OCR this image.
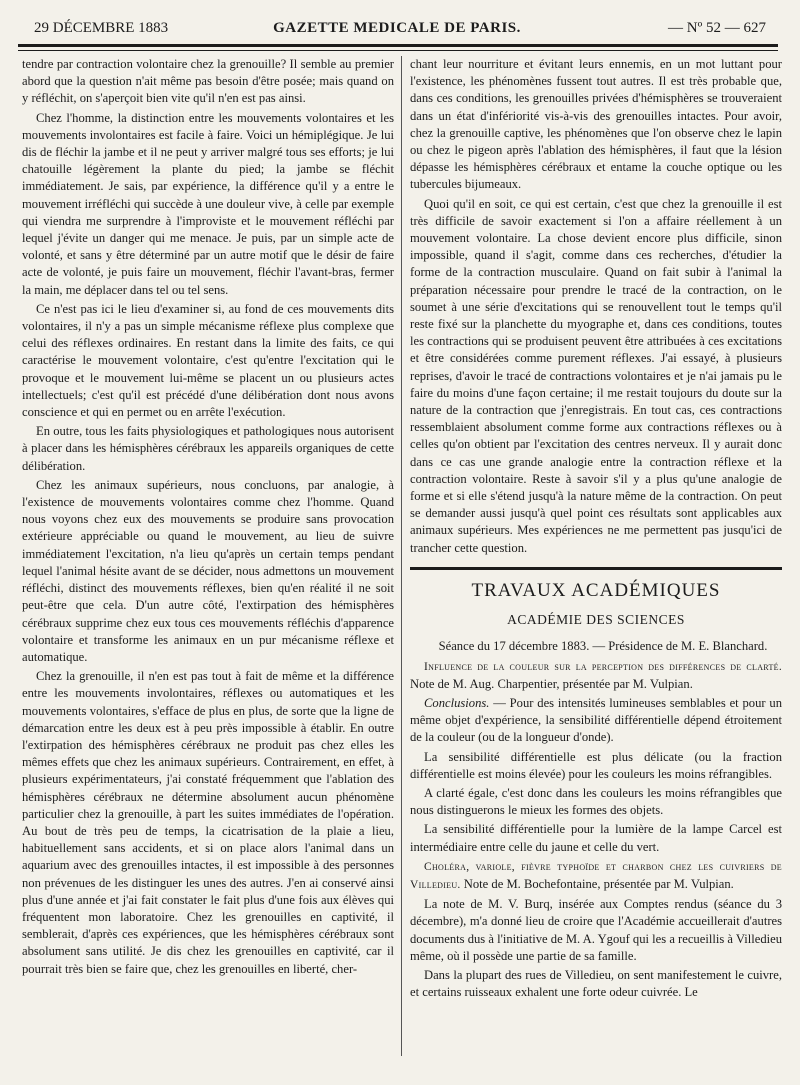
29 DÉCEMBRE 1883	GAZETTE MEDICALE DE PARIS.	— Nº 52 — 627

tendre par contraction volontaire chez la grenouille? Il semble au premier abord que la question n'ait même pas besoin d'être posée; mais quand on y réfléchit, on s'aperçoit bien vite qu'il n'en est pas ainsi.

Chez l'homme, la distinction entre les mouvements volontaires et les mouvements involontaires est facile à faire. Voici un hémiplégique. Je lui dis de fléchir la jambe et il ne peut y arriver malgré tous ses efforts; je lui chatouille légèrement la plante du pied; la jambe se fléchit immédiatement. Je sais, par expérience, la différence qu'il y a entre le mouvement irréfléchi qui succède à une douleur vive, à celle par exemple qui viendra me surprendre à l'improviste et le mouvement réfléchi par lequel j'évite un danger qui me menace. Je puis, par un simple acte de volonté, et sans y être déterminé par un autre motif que le désir de faire acte de volonté, je puis faire un mouvement, fléchir l'avant-bras, fermer la main, me déplacer dans tel ou tel sens.

Ce n'est pas ici le lieu d'examiner si, au fond de ces mouvements dits volontaires, il n'y a pas un simple mécanisme réflexe plus complexe que celui des réflexes ordinaires. En restant dans la limite des faits, ce qui caractérise le mouvement volontaire, c'est qu'entre l'excitation qui le provoque et le mouvement lui-même se placent un ou plusieurs actes intellectuels; c'est qu'il est précédé d'une délibération dont nous avons conscience et qui en permet ou en arrête l'exécution.

En outre, tous les faits physiologiques et pathologiques nous autorisent à placer dans les hémisphères cérébraux les appareils organiques de cette délibération.

Chez les animaux supérieurs, nous concluons, par analogie, à l'existence de mouvements volontaires comme chez l'homme. Quand nous voyons chez eux des mouvements se produire sans provocation extérieure appréciable ou quand le mouvement, au lieu de suivre immédiatement l'excitation, n'a lieu qu'après un certain temps pendant lequel l'animal hésite avant de se décider, nous admettons un mouvement réfléchi, distinct des mouvements réflexes, bien qu'en réalité il ne soit peut-être que cela. D'un autre côté, l'extirpation des hémisphères cérébraux supprime chez eux tous ces mouvements réfléchis d'apparence volontaire et transforme les animaux en un pur mécanisme réflexe et automatique.

Chez la grenouille, il n'en est pas tout à fait de même et la différence entre les mouvements involontaires, réflexes ou automatiques et les mouvements volontaires, s'efface de plus en plus, de sorte que la ligne de démarcation entre les deux est à peu près impossible à établir. En outre l'extirpation des hémisphères cérébraux ne produit pas chez elles les mêmes effets que chez les animaux supérieurs. Contrairement, en effet, à plusieurs expérimentateurs, j'ai constaté fréquemment que l'ablation des hémisphères cérébraux ne détermine absolument aucun phénomène particulier chez la grenouille, à part les suites immédiates de l'opération. Au bout de très peu de temps, la cicatrisation de la plaie a lieu, habituellement sans accidents, et si on place alors l'animal dans un aquarium avec des grenouilles intactes, il est impossible à des personnes non prévenues de les distinguer les unes des autres. J'en ai conservé ainsi plus d'une année et j'ai fait constater le fait plus d'une fois aux élèves qui fréquentent mon laboratoire. Chez les grenouilles en captivité, il semblerait, d'après ces expériences, que les hémisphères cérébraux sont absolument sans utilité. Je dis chez les grenouilles en captivité, car il pourrait très bien se faire que, chez les grenouilles en liberté, cher-

chant leur nourriture et évitant leurs ennemis, en un mot luttant pour l'existence, les phénomènes fussent tout autres. Il est très probable que, dans ces conditions, les grenouilles privées d'hémisphères se trouveraient dans un état d'infériorité vis-à-vis des grenouilles intactes. Pour avoir, chez la grenouille captive, les phénomènes que l'on observe chez le lapin ou chez le pigeon après l'ablation des hémisphères, il faut que la lésion dépasse les hémisphères cérébraux et entame la couche optique ou les tubercules bijumeaux.

Quoi qu'il en soit, ce qui est certain, c'est que chez la grenouille il est très difficile de savoir exactement si l'on a affaire réellement à un mouvement volontaire. La chose devient encore plus difficile, sinon impossible, quand il s'agit, comme dans ces recherches, d'étudier la forme de la contraction musculaire. Quand on fait subir à l'animal la préparation nécessaire pour prendre le tracé de la contraction, on le soumet à une série d'excitations qui se renouvellent tout le temps qu'il reste fixé sur la planchette du myographe et, dans ces conditions, toutes les contractions qui se produisent peuvent être attribuées à ces excitations et être considérées comme purement réflexes. J'ai essayé, à plusieurs reprises, d'avoir le tracé de contractions volontaires et je n'ai jamais pu le faire du moins d'une façon certaine; il me restait toujours du doute sur la nature de la contraction que j'enregistrais. En tout cas, ces contractions ressemblaient absolument comme forme aux contractions réflexes ou à celles qu'on obtient par l'excitation des centres nerveux. Il y aurait donc dans ce cas une grande analogie entre la contraction réflexe et la contraction volontaire. Reste à savoir s'il y a plus qu'une analogie de forme et si elle s'étend jusqu'à la nature même de la contraction. On peut se demander aussi jusqu'à quel point ces résultats sont applicables aux animaux supérieurs. Mes expériences ne me permettent pas jusqu'ici de trancher cette question.

TRAVAUX ACADÉMIQUES
ACADÉMIE DES SCIENCES

Séance du 17 décembre 1883. — Présidence de M. E. Blanchard.

Influence de la couleur sur la perception des différences de clarté. Note de M. Aug. Charpentier, présentée par M. Vulpian.

Conclusions. — Pour des intensités lumineuses semblables et pour un même objet d'expérience, la sensibilité différentielle dépend étroitement de la couleur (ou de la longueur d'onde).

La sensibilité différentielle est plus délicate (ou la fraction différentielle est moins élevée) pour les couleurs les moins réfrangibles.

A clarté égale, c'est donc dans les couleurs les moins réfrangibles que nous distinguerons le mieux les formes des objets.

La sensibilité différentielle pour la lumière de la lampe Carcel est intermédiaire entre celle du jaune et celle du vert.

Choléra, variole, fièvre typhoïde et charbon chez les cuivriers de Villedieu. Note de M. Bochefontaine, présentée par M. Vulpian.

La note de M. V. Burq, insérée aux Comptes rendus (séance du 3 décembre), m'a donné lieu de croire que l'Académie accueillerait d'autres documents dus à l'initiative de M. A. Ygouf qui les a recueillis à Villedieu même, où il possède une partie de sa famille.

Dans la plupart des rues de Villedieu, on sent manifestement le cuivre, et certains ruisseaux exhalent une forte odeur cuivrée. Le
